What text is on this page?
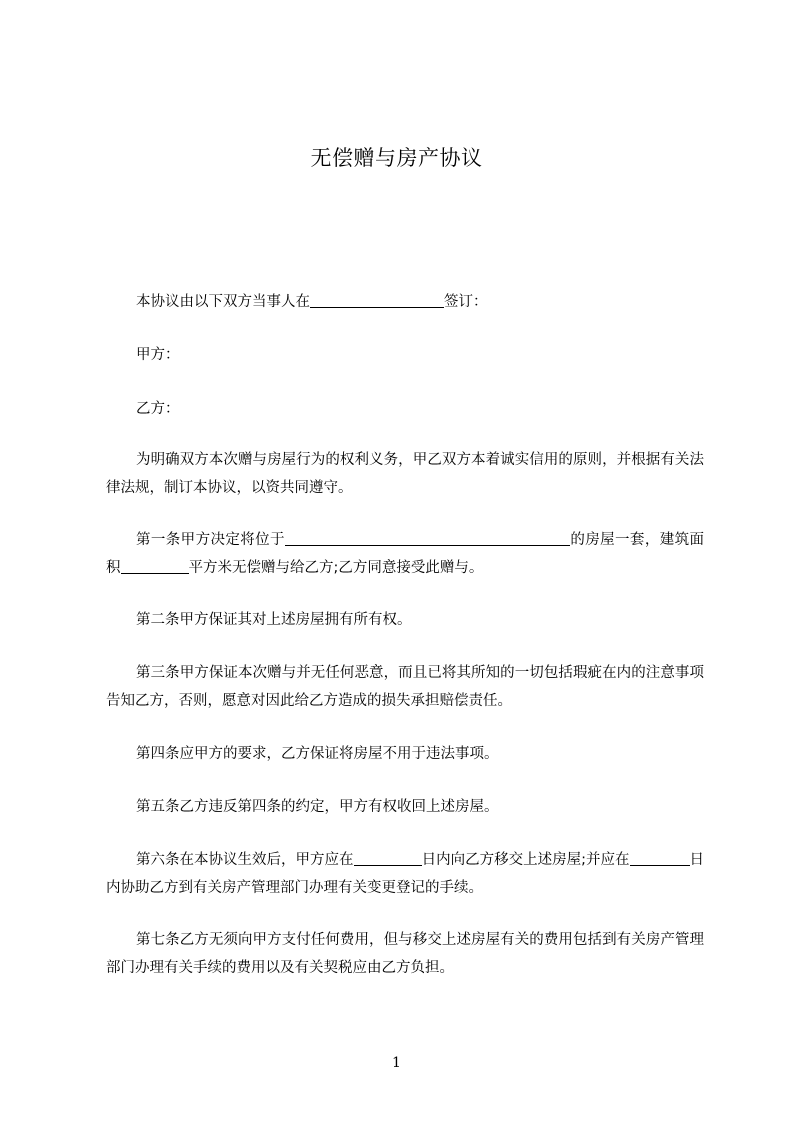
无偿赠与房产协议
本协议由以下双方当事人在	签订：
甲方：
乙方：
为明确双方本次赠与房屋行为的权利义务，甲乙双方本着诚实信用的原则，并根据有关法律法规，制订本协议，以资共同遵守。
第一条甲方决定将位于	的房屋一套，建筑面积	平方米无偿赠与给乙方;乙方同意接受此赠与。
第二条甲方保证其对上述房屋拥有所有权。
第三条甲方保证本次赠与并无任何恶意，而且已将其所知的一切包括瑕疵在内的注意事项告知乙方，否则，愿意对因此给乙方造成的损失承担赔偿责任。
第四条应甲方的要求，乙方保证将房屋不用于违法事项。
第五条乙方违反第四条的约定，甲方有权收回上述房屋。
第六条在本协议生效后，甲方应在	日内向乙方移交上述房屋;并应在	日内协助乙方到有关房产管理部门办理有关变更登记的手续。
第七条乙方无须向甲方支付任何费用，但与移交上述房屋有关的费用包括到有关房产管理部门办理有关手续的费用以及有关契税应由乙方负担。
1
